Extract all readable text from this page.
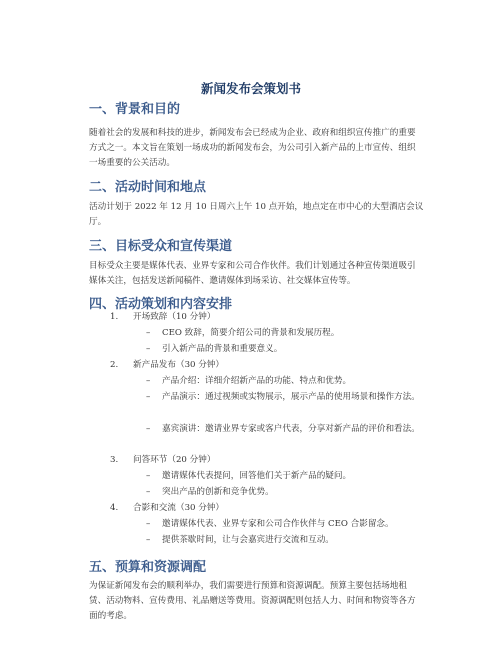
新闻发布会策划书
一、背景和目的
随着社会的发展和科技的进步，新闻发布会已经成为企业、政府和组织宣传推广的重要方式之一。本文旨在策划一场成功的新闻发布会，为公司引入新产品的上市宣传、组织一场重要的公关活动。
二、活动时间和地点
活动计划于 2022 年 12 月 10 日周六上午 10 点开始，地点定在市中心的大型酒店会议厅。
三、目标受众和宣传渠道
目标受众主要是媒体代表、业界专家和公司合作伙伴。我们计划通过各种宣传渠道吸引媒体关注，包括发送新闻稿件、邀请媒体到场采访、社交媒体宣传等。
四、活动策划和内容安排
1. 开场致辞（10 分钟）
– CEO 致辞，简要介绍公司的背景和发展历程。
– 引入新产品的背景和重要意义。
2. 新产品发布（30 分钟）
– 产品介绍：详细介绍新产品的功能、特点和优势。
–	产品演示：通过视频或实物展示，展示产品的使用场景和操作方法。
–	嘉宾演讲：邀请业界专家或客户代表，分享对新产品的评价和看法。
3. 问答环节（20 分钟）
– 邀请媒体代表提问，回答他们关于新产品的疑问。
– 突出产品的创新和竞争优势。
4. 合影和交流（30 分钟）
– 邀请媒体代表、业界专家和公司合作伙伴与 CEO 合影留念。
– 提供茶歇时间，让与会嘉宾进行交流和互动。
五、预算和资源调配
为保证新闻发布会的顺利举办，我们需要进行预算和资源调配。预算主要包括场地租赁、活动物料、宣传费用、礼品赠送等费用。资源调配则包括人力、时间和物资等各方面的考虑。
